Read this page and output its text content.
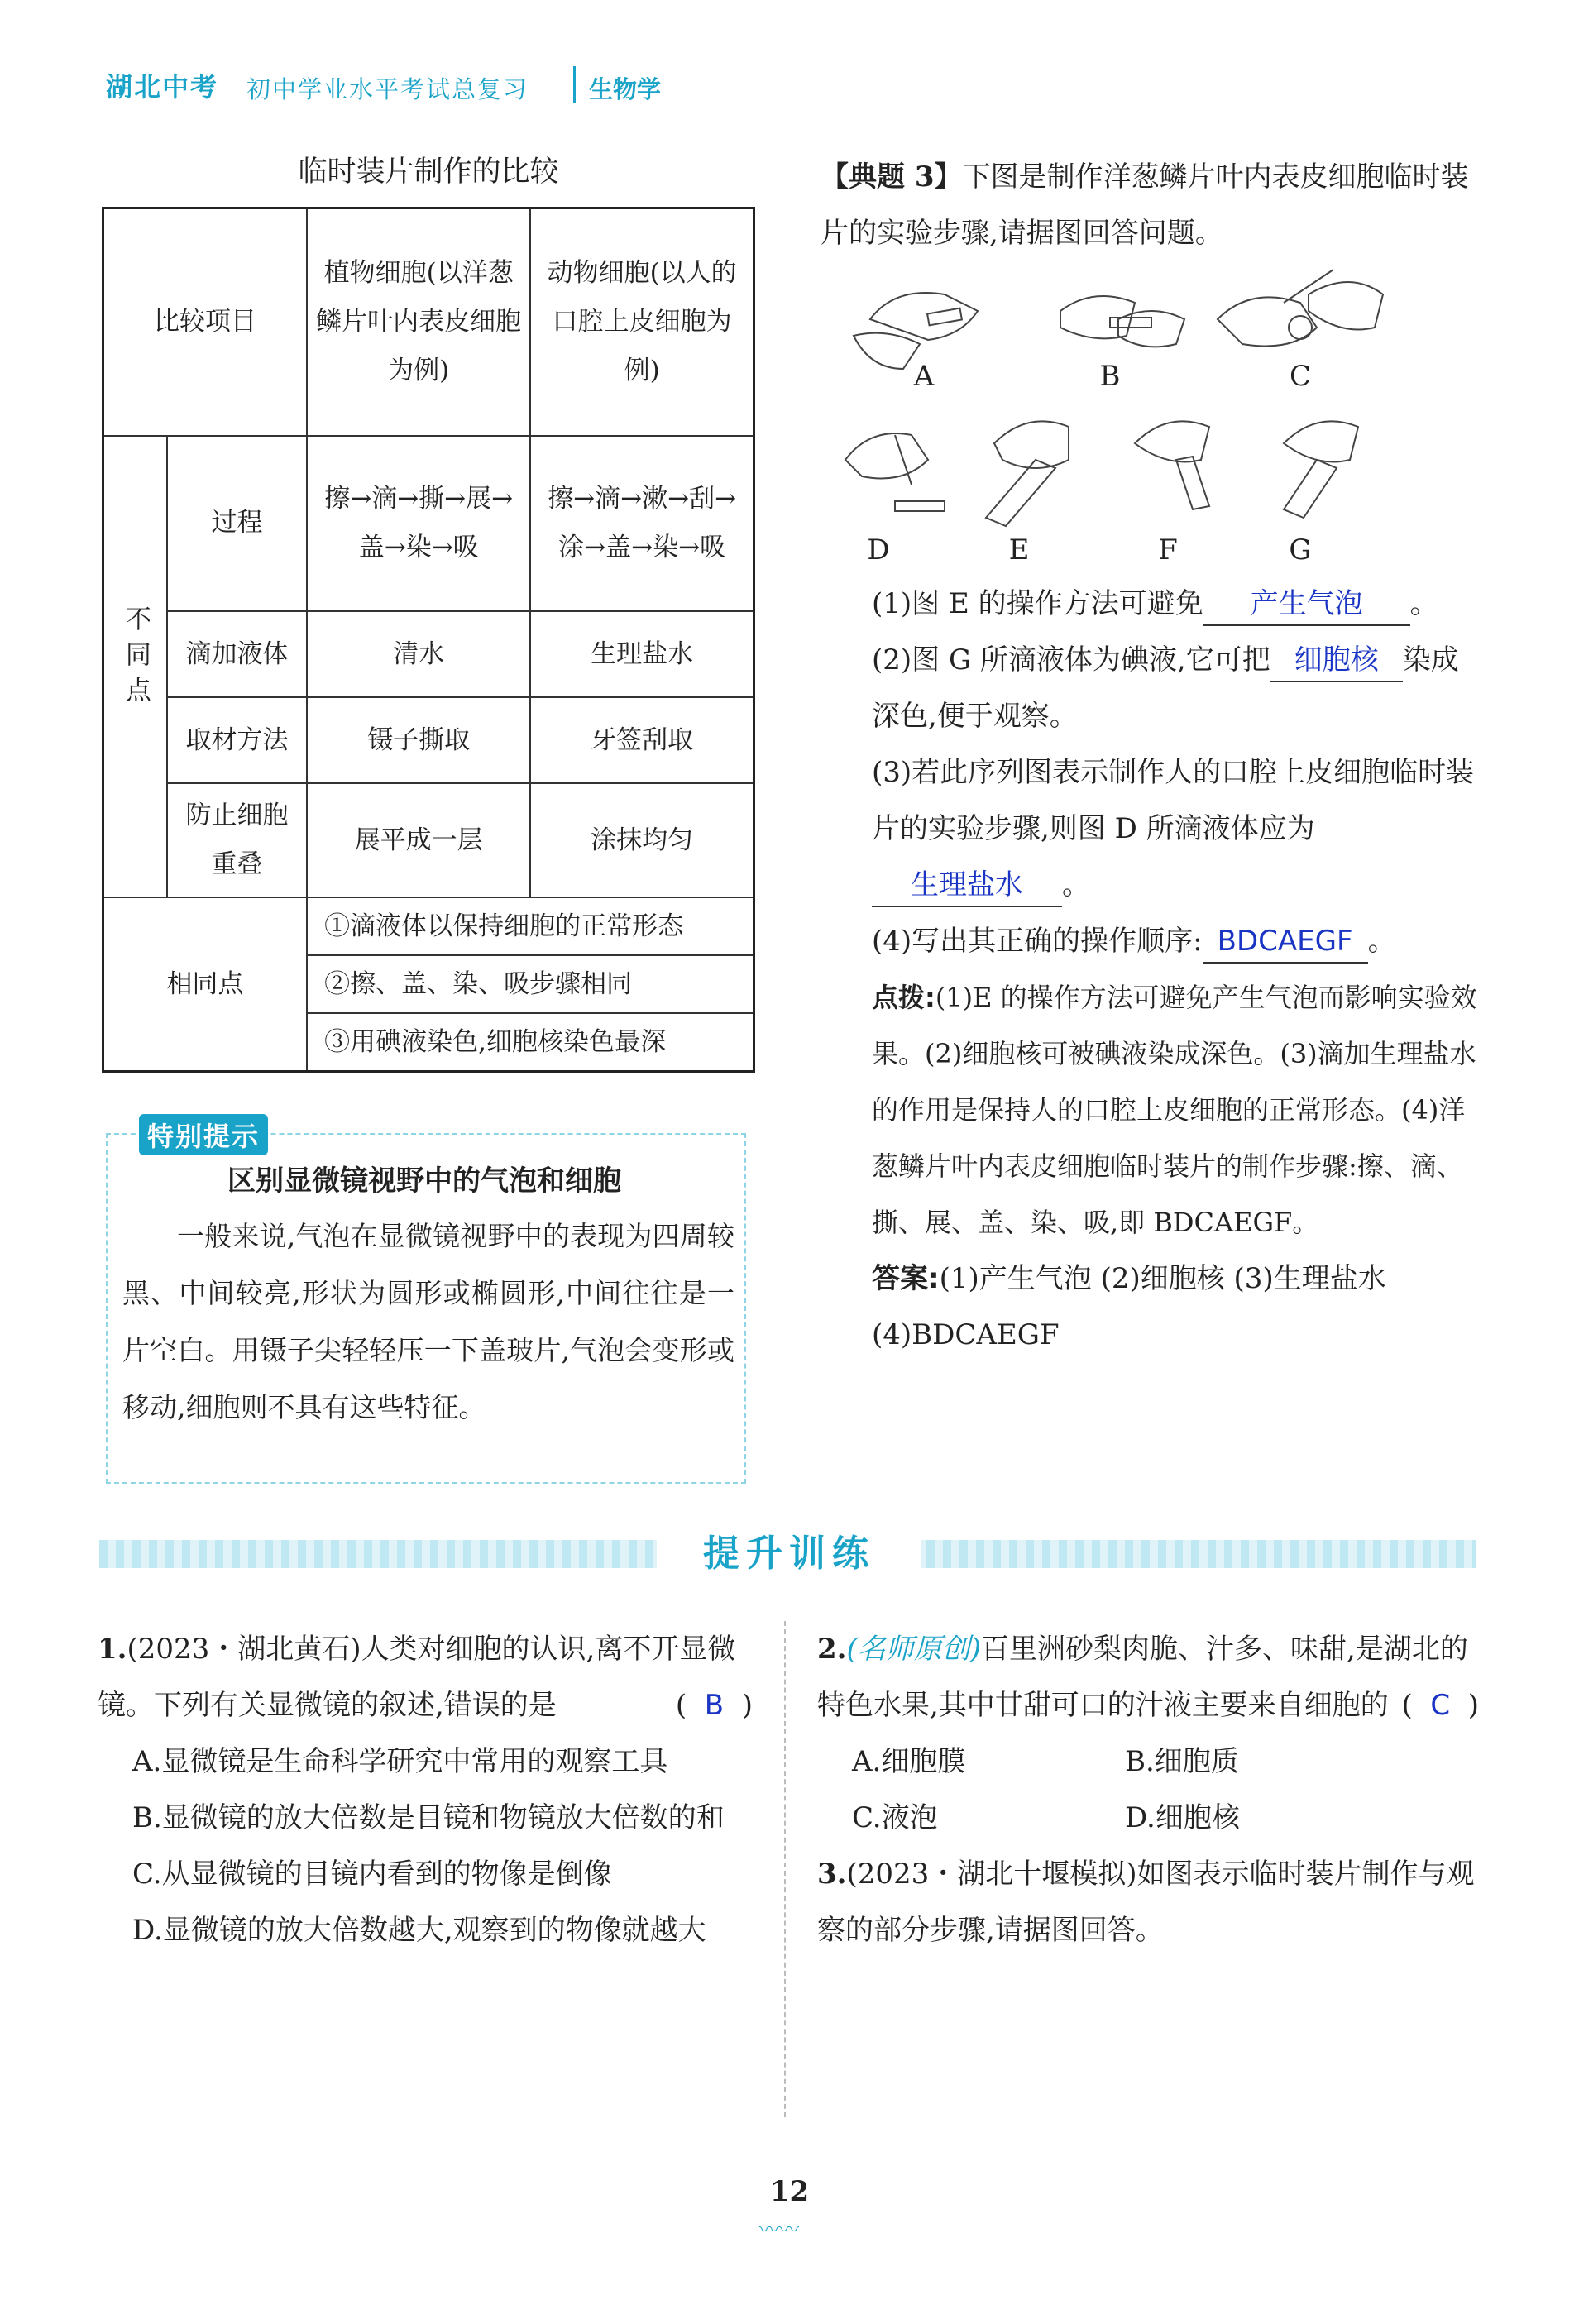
湖北中考 初中学业水平考试总复习	生物学
临时装片制作的比较
比较项目		植物细胞(以洋葱鳞片叶内表皮细胞为例)	动物细胞(以人的口腔上皮细胞为例)
不同点	过程	擦→滴→撕→展→盖→染→吸	擦→滴→漱→刮→涂→盖→染→吸
	滴加液体	清水	生理盐水
	取材方法	镊子撕取	牙签刮取
	防止细胞重叠	展平成一层	涂抹均匀
相同点		①滴液体以保持细胞的正常形态	
		②擦、盖、染、吸步骤相同	
		③用碘液染色,细胞核染色最深	
特别提示
区别显微镜视野中的气泡和细胞
一般来说,气泡在显微镜视野中的表现为四周较黑、中间较亮,形状为圆形或椭圆形,中间往往是一片空白。用镊子尖轻轻压一下盖玻片,气泡会变形或移动,细胞则不具有这些特征。

【典题 3】下图是制作洋葱鳞片叶内表皮细胞临时装片的实验步骤,请据图回答问题。

A	B	C
D	E	F	G

(1)图 E 的操作方法可避免 产生气泡 。

(2)图 G 所滴液体为碘液,它可把 细胞核 染成深色,便于观察。

(3)若此序列图表示制作人的口腔上皮细胞临时装片的实验步骤,则图 D 所滴液体应为生理盐水 。

(4)写出其正确的操作顺序: BDCAEGF 。

点拨:(1)E 的操作方法可避免产生气泡而影响实验效果。(2)细胞核可被碘液染成深色。(3)滴加生理盐水的作用是保持人的口腔上皮细胞的正常形态。(4)洋葱鳞片叶内表皮细胞临时装片的制作步骤:擦、滴、撕、展、盖、染、吸,即 BDCAEGF。

答案:(1)产生气泡 (2)细胞核 (3)生理盐水 (4)BDCAEGF

提升训练

1.(2023・湖北黄石)人类对细胞的认识,离不开显微镜。下列有关显微镜的叙述,错误的是	(  B  )

A.显微镜是生命科学研究中常用的观察工具

B.显微镜的放大倍数是目镜和物镜放大倍数的和

C.从显微镜的目镜内看到的物像是倒像

D.显微镜的放大倍数越大,观察到的物像就越大

2.(名师原创)百里洲砂梨肉脆、汁多、味甜,是湖北的特色水果,其中甘甜可口的汁液主要来自细胞的 (  C  )

A.细胞膜	B.细胞质
C.液泡	D.细胞核

3.(2023・湖北十堰模拟)如图表示临时装片制作与观察的部分步骤,请据图回答。

12
〰〰
